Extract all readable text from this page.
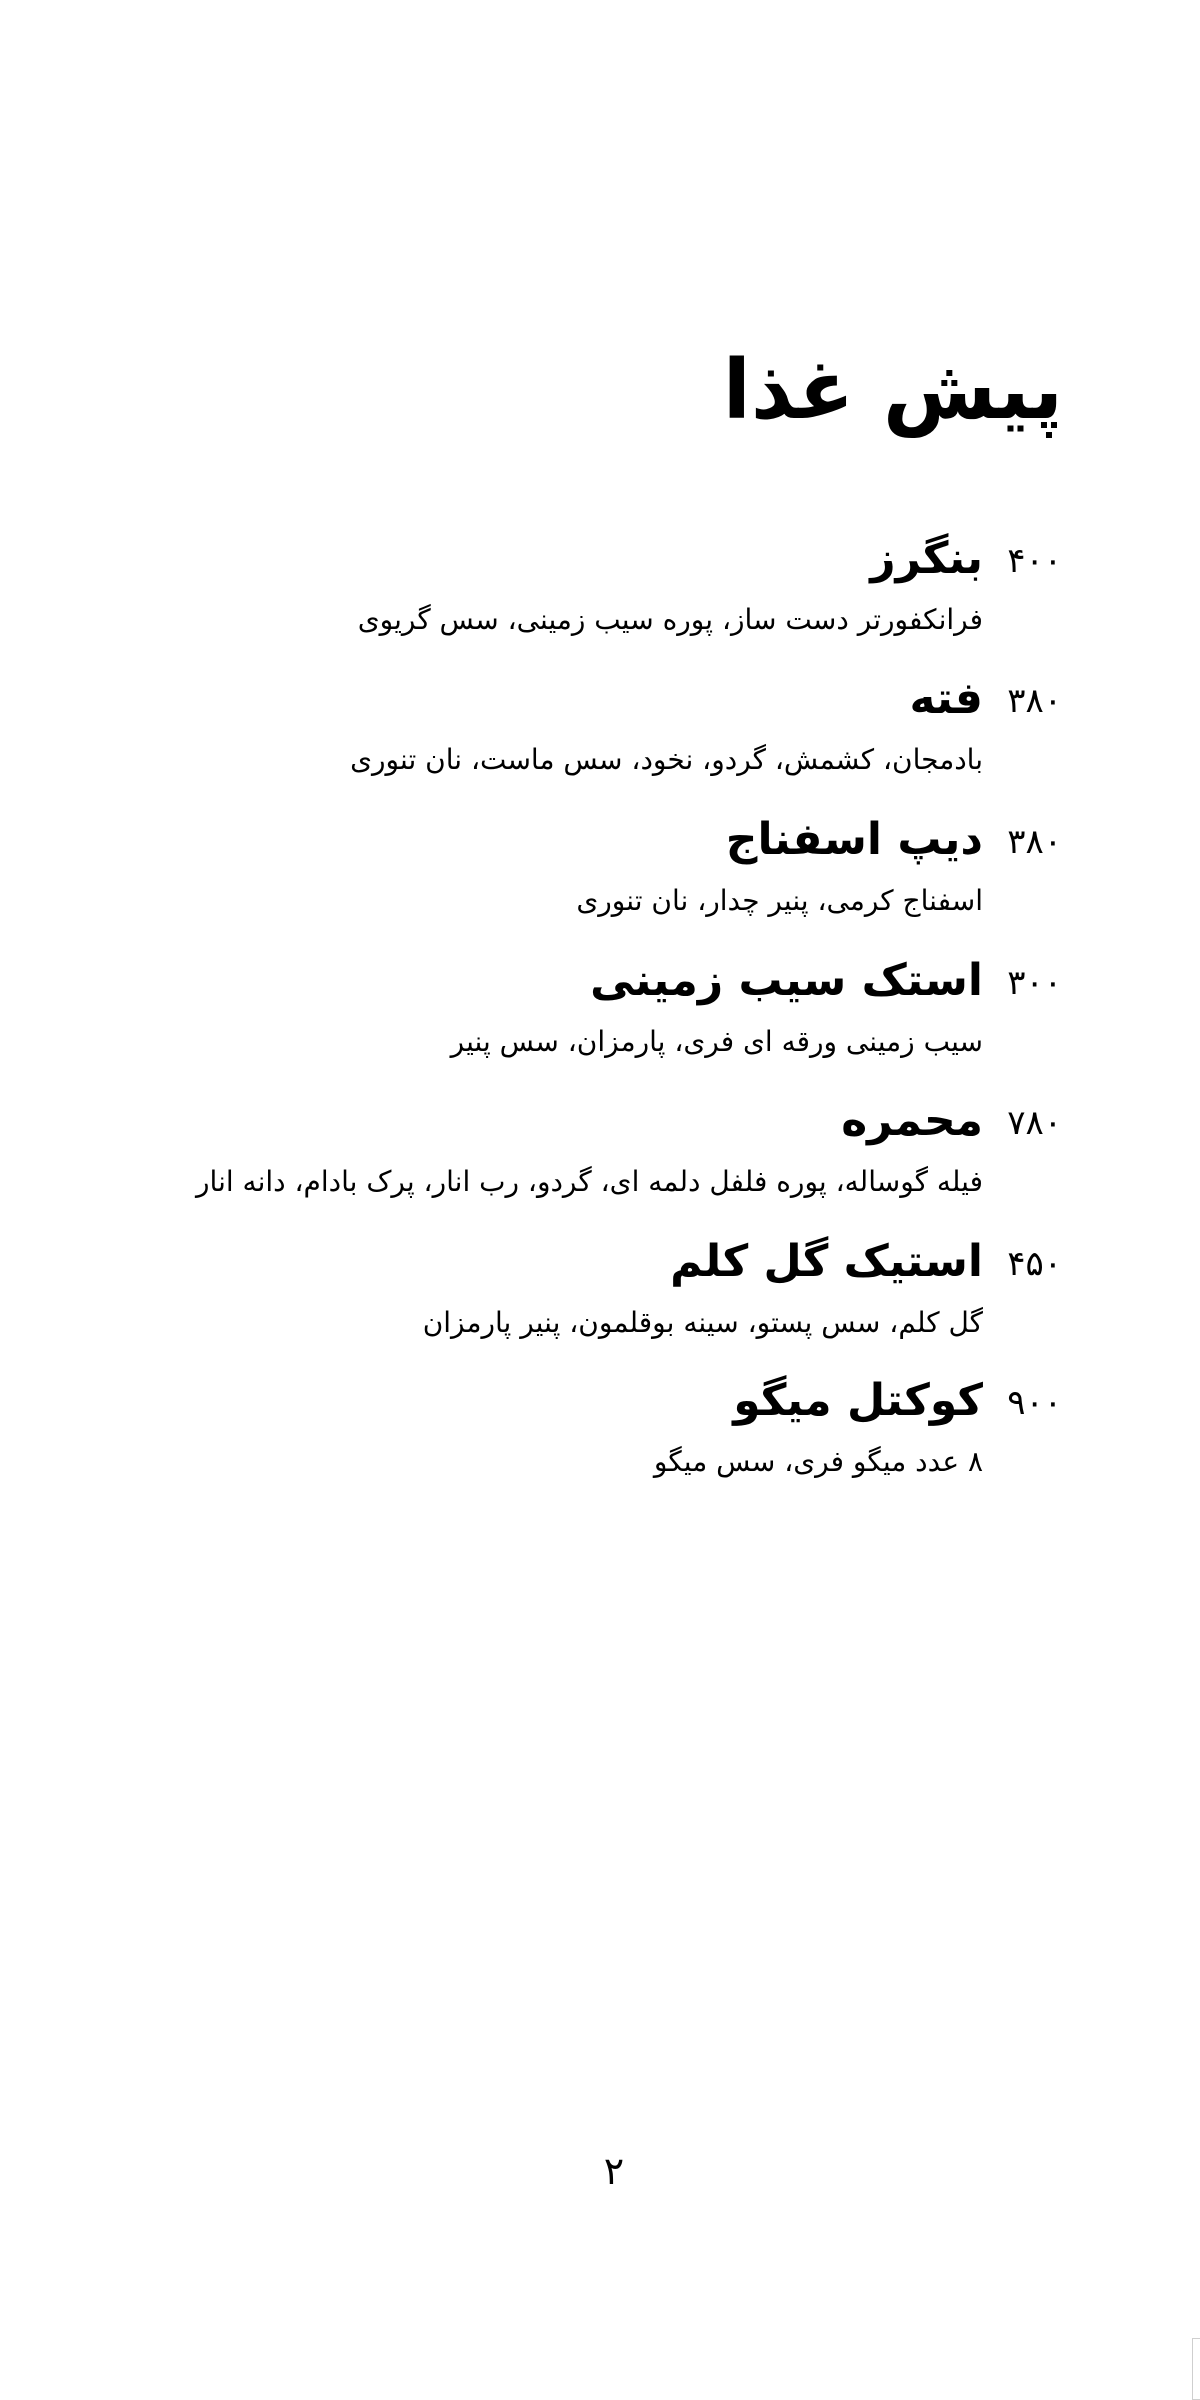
پیش غذا
بنگرز ۴۰۰

فرانکفورتر دست ساز، پوره سیب زمینی، سس گریوی

فته ۳۸۰

بادمجان، کشمش، گردو، نخود، سس ماست، نان تنوری

دیپ اسفناج ۳۸۰

اسفناج کرمی، پنیر چدار، نان تنوری

استک سیب زمینی ۳۰۰

سیب زمینی ورقه ای فری، پارمزان، سس پنیر

محمره ۷۸۰

فیله گوساله، پوره فلفل دلمه ای، گردو، رب انار، پرک بادام، دانه انار

استیک گل کلم ۴۵۰

گل کلم، سس پستو، سینه بوقلمون، پنیر پارمزان

کوکتل میگو ۹۰۰

۸ عدد میگو فری، سس میگو

۲
